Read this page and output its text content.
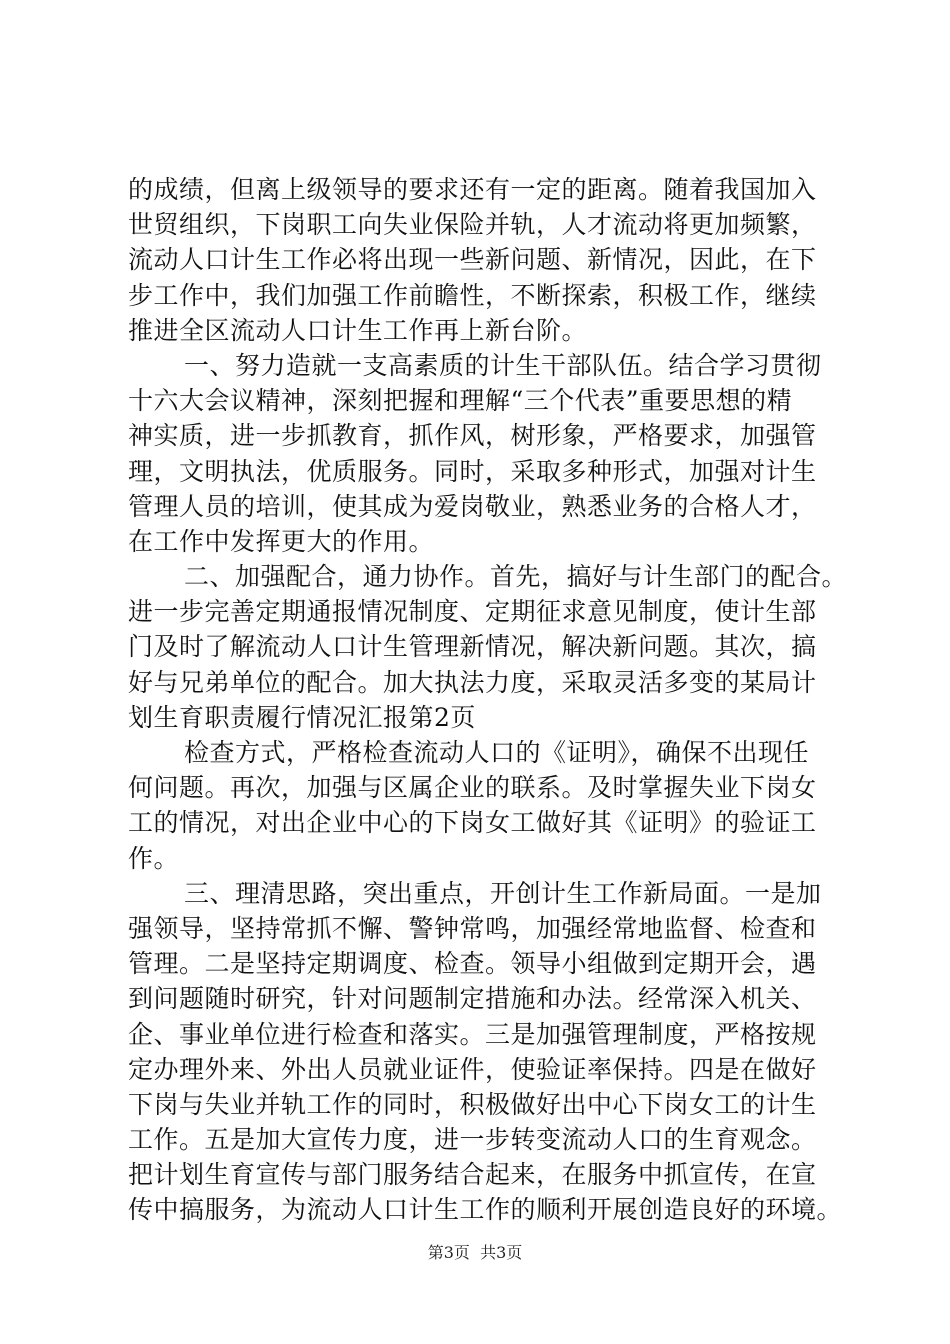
的成绩，但离上级领导的要求还有一定的距离。随着我国加入
世贸组织，下岗职工向失业保险并轨，人才流动将更加频繁，
流动人口计生工作必将出现一些新问题、新情况，因此，在下
步工作中，我们加强工作前瞻性，不断探索，积极工作，继续
推进全区流动人口计生工作再上新台阶。
一、努力造就一支高素质的计生干部队伍。结合学习贯彻
十六大会议精神，深刻把握和理解“三个代表”重要思想的精
神实质，进一步抓教育，抓作风，树形象，严格要求，加强管
理，文明执法，优质服务。同时，采取多种形式，加强对计生
管理人员的培训，使其成为爱岗敬业，熟悉业务的合格人才，
在工作中发挥更大的作用。
二、加强配合，通力协作。首先，搞好与计生部门的配合。
进一步完善定期通报情况制度、定期征求意见制度，使计生部
门及时了解流动人口计生管理新情况，解决新问题。其次，搞
好与兄弟单位的配合。加大执法力度，采取灵活多变的某局计
划生育职责履行情况汇报第2页
检查方式，严格检查流动人口的《证明》，确保不出现任
何问题。再次，加强与区属企业的联系。及时掌握失业下岗女
工的情况，对出企业中心的下岗女工做好其《证明》的验证工
作。
三、理清思路，突出重点，开创计生工作新局面。一是加
强领导，坚持常抓不懈、警钟常鸣，加强经常地监督、检查和
管理。二是坚持定期调度、检查。领导小组做到定期开会，遇
到问题随时研究，针对问题制定措施和办法。经常深入机关、
企、事业单位进行检查和落实。三是加强管理制度，严格按规
定办理外来、外出人员就业证件，使验证率保持。四是在做好
下岗与失业并轨工作的同时，积极做好出中心下岗女工的计生
工作。五是加大宣传力度，进一步转变流动人口的生育观念。
把计划生育宣传与部门服务结合起来，在服务中抓宣传，在宣
传中搞服务，为流动人口计生工作的顺利开展创造良好的环境。
第3页 共3页
